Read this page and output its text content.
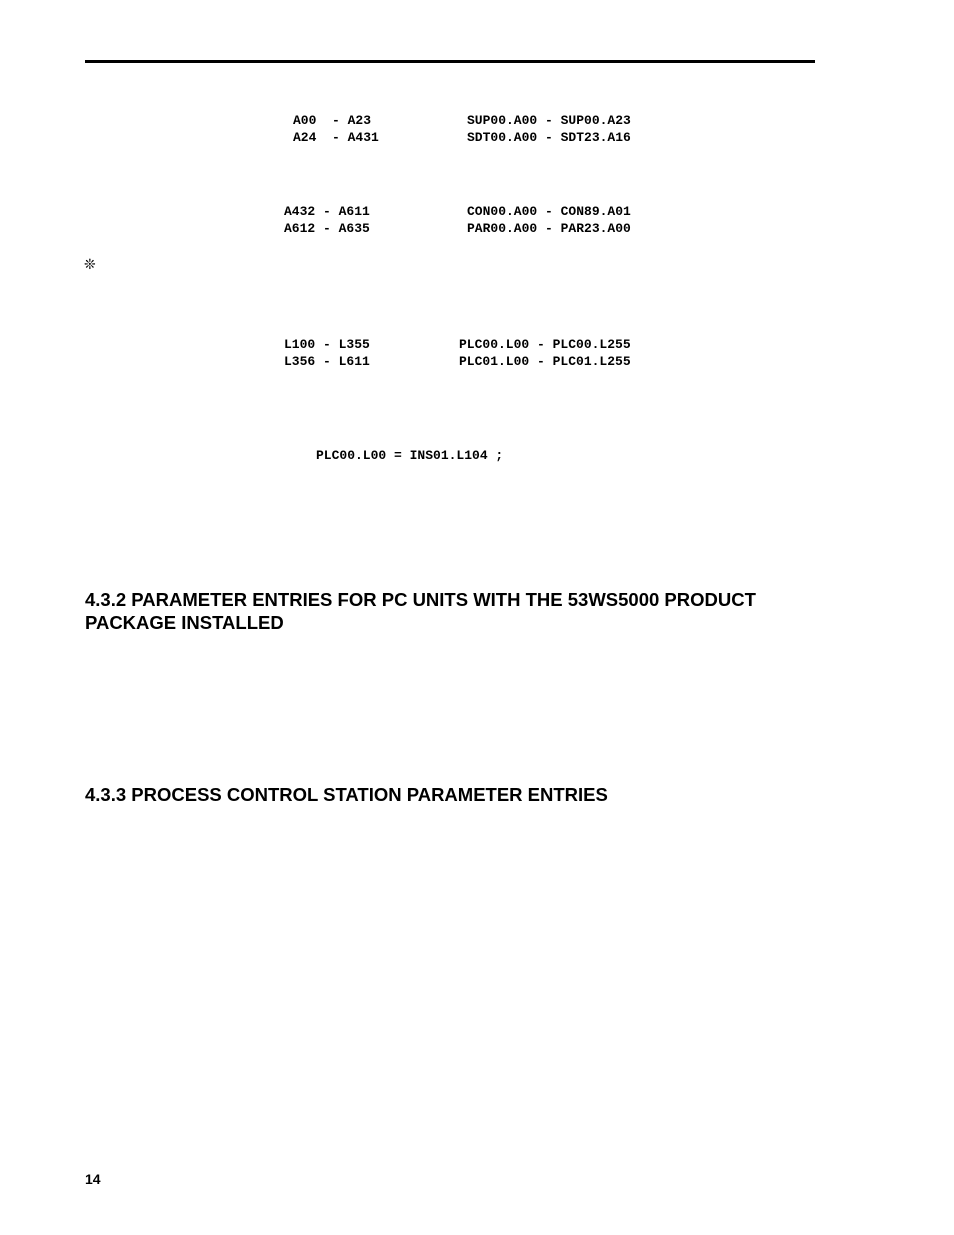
A00  - A23	SUP00.A00 - SUP00.A23
A24  - A431	SDT00.A00 - SDT23.A16
A432 - A611	CON00.A00 - CON89.A01
A612 - A635	PAR00.A00 - PAR23.A00
❊
L100 - L355	PLC00.L00 - PLC00.L255
L356 - L611	PLC01.L00 - PLC01.L255
PLC00.L00 = INS01.L104 ;
4.3.2 PARAMETER ENTRIES FOR PC UNITS WITH THE 53WS5000 PRODUCT
PACKAGE INSTALLED
4.3.3 PROCESS CONTROL STATION PARAMETER ENTRIES
14
